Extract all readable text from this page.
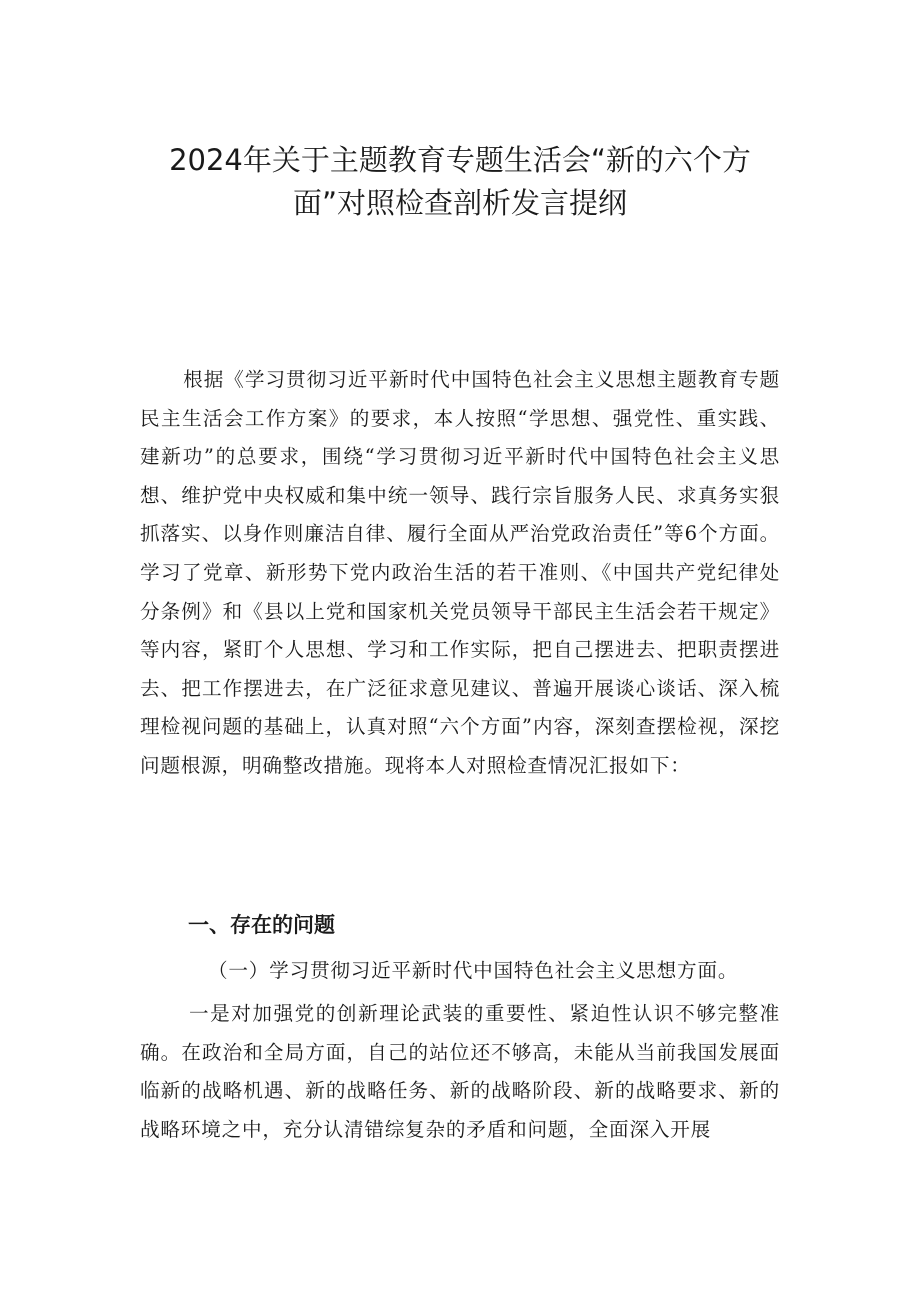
2024年关于主题教育专题生活会“新的六个方
面”对照检查剖析发言提纲

根据《学习贯彻习近平新时代中国特色社会主义思想主题教育专题民主生活会工作方案》的要求，本人按照“学思想、强党性、重实践、建新功”的总要求，围绕“学习贯彻习近平新时代中国特色社会主义思想、维护党中央权威和集中统一领导、践行宗旨服务人民、求真务实狠抓落实、以身作则廉洁自律、履行全面从严治党政治责任”等6个方面。学习了党章、新形势下党内政治生活的若干准则、《中国共产党纪律处分条例》和《县以上党和国家机关党员领导干部民主生活会若干规定》等内容，紧盯个人思想、学习和工作实际，把自己摆进去、把职责摆进去、把工作摆进去，在广泛征求意见建议、普遍开展谈心谈话、深入梳理检视问题的基础上，认真对照“六个方面”内容，深刻查摆检视，深挖问题根源，明确整改措施。现将本人对照检查情况汇报如下：

一、存在的问题

（一）学习贯彻习近平新时代中国特色社会主义思想方面。

一是对加强党的创新理论武装的重要性、紧迫性认识不够完整准确。在政治和全局方面，自己的站位还不够高，未能从当前我国发展面临新的战略机遇、新的战略任务、新的战略阶段、新的战略要求、新的战略环境之中，充分认清错综复杂的矛盾和问题，全面深入开展
